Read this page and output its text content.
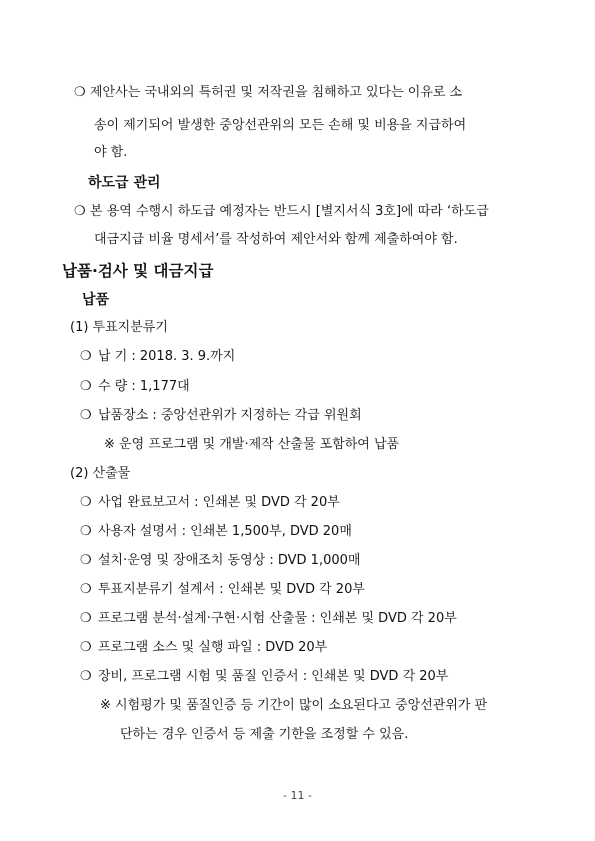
❍ 제안사는 국내외의 특허권 및 저작권을 침해하고 있다는 이유로 소
송이 제기되어 발생한 중앙선관위의 모든 손해 및 비용을 지급하여
야 함.
하도급 관리
❍ 본 용역 수행시 하도급 예정자는 반드시 [별지서식 3호]에 따라 ‘하도급
대금지급 비율 명세서’를 작성하여 제안서와 함께 제출하여야 함.
납품·검사 및 대금지급
납품
(1) 투표지분류기
❍ 납 기 : 2018. 3. 9.까지
❍ 수 량 : 1,177대
❍ 납품장소 : 중앙선관위가 지정하는 각급 위원회
※ 운영 프로그램 및 개발·제작 산출물 포함하여 납품
(2) 산출물
❍ 사업 완료보고서 : 인쇄본 및 DVD 각 20부
❍ 사용자 설명서 : 인쇄본 1,500부, DVD 20매
❍ 설치·운영 및 장애조치 동영상 : DVD 1,000매
❍ 투표지분류기 설계서 : 인쇄본 및 DVD 각 20부
❍ 프로그램 분석·설계·구현·시험 산출물 : 인쇄본 및 DVD 각 20부
❍ 프로그램 소스 및 실행 파일 : DVD 20부
❍ 장비, 프로그램 시험 및 품질 인증서 : 인쇄본 및 DVD 각 20부
※ 시험평가 및 품질인증 등 기간이 많이 소요된다고 중앙선관위가 판
단하는 경우 인증서 등 제출 기한을 조정할 수 있음.
- 11 -
